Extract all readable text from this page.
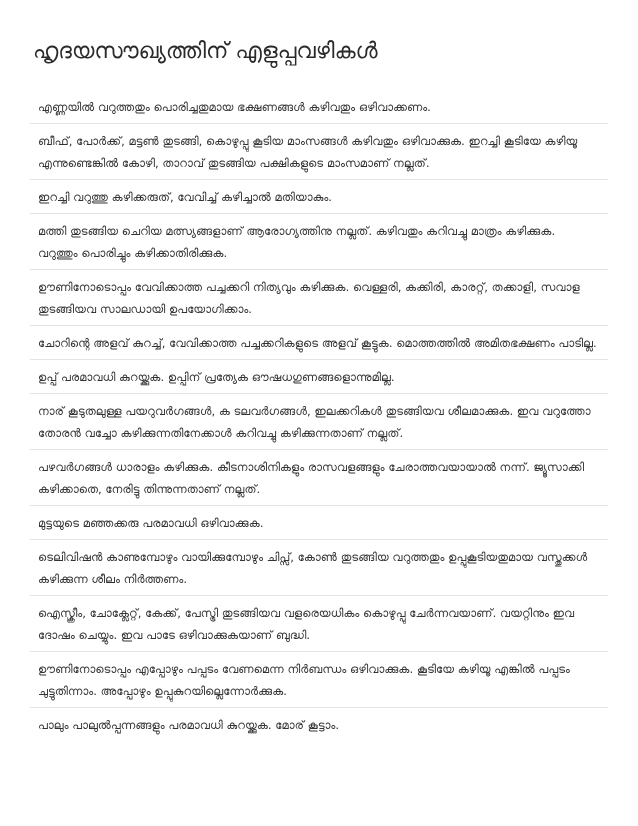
ഹൃദയസൗഖ്യത്തിന് എളുപ്പവഴികൾ
എണ്ണയിൽ വറുത്തതും പൊരിച്ചതുമായ ഭക്ഷണങ്ങൾ കഴിവതും ഒഴിവാക്കണം.
ബീഫ്, പോർക്ക്, മട്ടൺ തുടങ്ങി, കൊഴുപ്പു കൂടിയ മാംസങ്ങൾ കഴിവതും ഒഴിവാക്കുക. ഇറച്ചി കൂടിയേ കഴിയൂ എന്നുണ്ടെങ്കിൽ കോഴി, താറാവ് തുടങ്ങിയ പക്ഷികളുടെ മാംസമാണ് നല്ലത്.
ഇറച്ചി വറുത്തു കഴിക്കരുത്, വേവിച്ച് കഴിച്ചാൽ മതിയാകും.
മത്തി തുടങ്ങിയ ചെറിയ മത്സ്യങ്ങളാണ് ആരോഗ്യത്തിനു നല്ലത്. കഴിവതും കറിവച്ചു മാത്രം കഴിക്കുക. വറുത്തും പൊരിച്ചും കഴിക്കാതിരിക്കുക.
ഊണിനോടൊപ്പം വേവിക്കാത്ത പച്ചക്കറി നിത്യവും കഴിക്കുക. വെള്ളരി, കക്കിരി, കാരറ്റ്, തക്കാളി, സവാള തുടങ്ങിയവ സാലഡായി ഉപയോഗിക്കാം.
ചോറിന്റെ അളവ് കുറച്ച്, വേവിക്കാത്ത പച്ചക്കറികളുടെ അളവ് കൂട്ടുക. മൊത്തത്തിൽ അമിതഭക്ഷണം പാടില്ല.
ഉപ്പ് പരമാവധി കുറയ്ക്കുക. ഉപ്പിന് പ്രത്യേക ഔഷധഗുണങ്ങളൊന്നുമില്ല.
നാര് കൂടുതലുള്ള പയറുവർഗങ്ങൾ, ക ടലവർഗങ്ങൾ, ഇലക്കറികൾ തുടങ്ങിയവ ശീലമാക്കുക. ഇവ വറുത്തോ തോരൻ വച്ചോ കഴിക്കുന്നതിനേക്കാൾ കറിവച്ചു കഴിക്കുന്നതാണ് നല്ലത്.
പഴവർഗങ്ങൾ ധാരാളം കഴിക്കുക. കീടനാശിനികളും രാസവളങ്ങളും ചേരാത്തവയായാൽ നന്ന്. ജ്യൂസാക്കി കഴിക്കാതെ, നേരിട്ടു തിന്നുന്നതാണ് നല്ലത്.
മുട്ടയുടെ മഞ്ഞക്കരു പരമാവധി ഒഴിവാക്കുക.
ടെലിവിഷൻ കാണുമ്പോഴും വായിക്കുമ്പോഴും ചിപ്സ്, കോൺ തുടങ്ങിയ വറുത്തതും ഉപ്പുകൂടിയതുമായ വസ്തുക്കൾ കഴിക്കുന്ന ശീലം നിർത്തണം.
ഐസ്ക്രീം, ചോക്ലേറ്റ്, കേക്ക്, പേസ്ട്രി തുടങ്ങിയവ വളരെയധികം കൊഴുപ്പു ചേർന്നവയാണ്. വയറ്റിനും ഇവ ദോഷം ചെയ്യും. ഇവ പാടേ ഒഴിവാക്കുകയാണ് ബുദ്ധി.
ഊണിനോടൊപ്പം എപ്പോഴും പപ്പടം വേണമെന്ന നിർബന്ധം ഒഴിവാക്കുക. കൂടിയേ കഴിയൂ എങ്കിൽ പപ്പടം ചുട്ടുതിന്നാം. അപ്പോഴും ഉപ്പുകുറയില്ലെന്നോർക്കുക.
പാലും പാലുൽപ്പന്നങ്ങളും പരമാവധി കുറയ്ക്കുക. മോര് കൂട്ടാം.
